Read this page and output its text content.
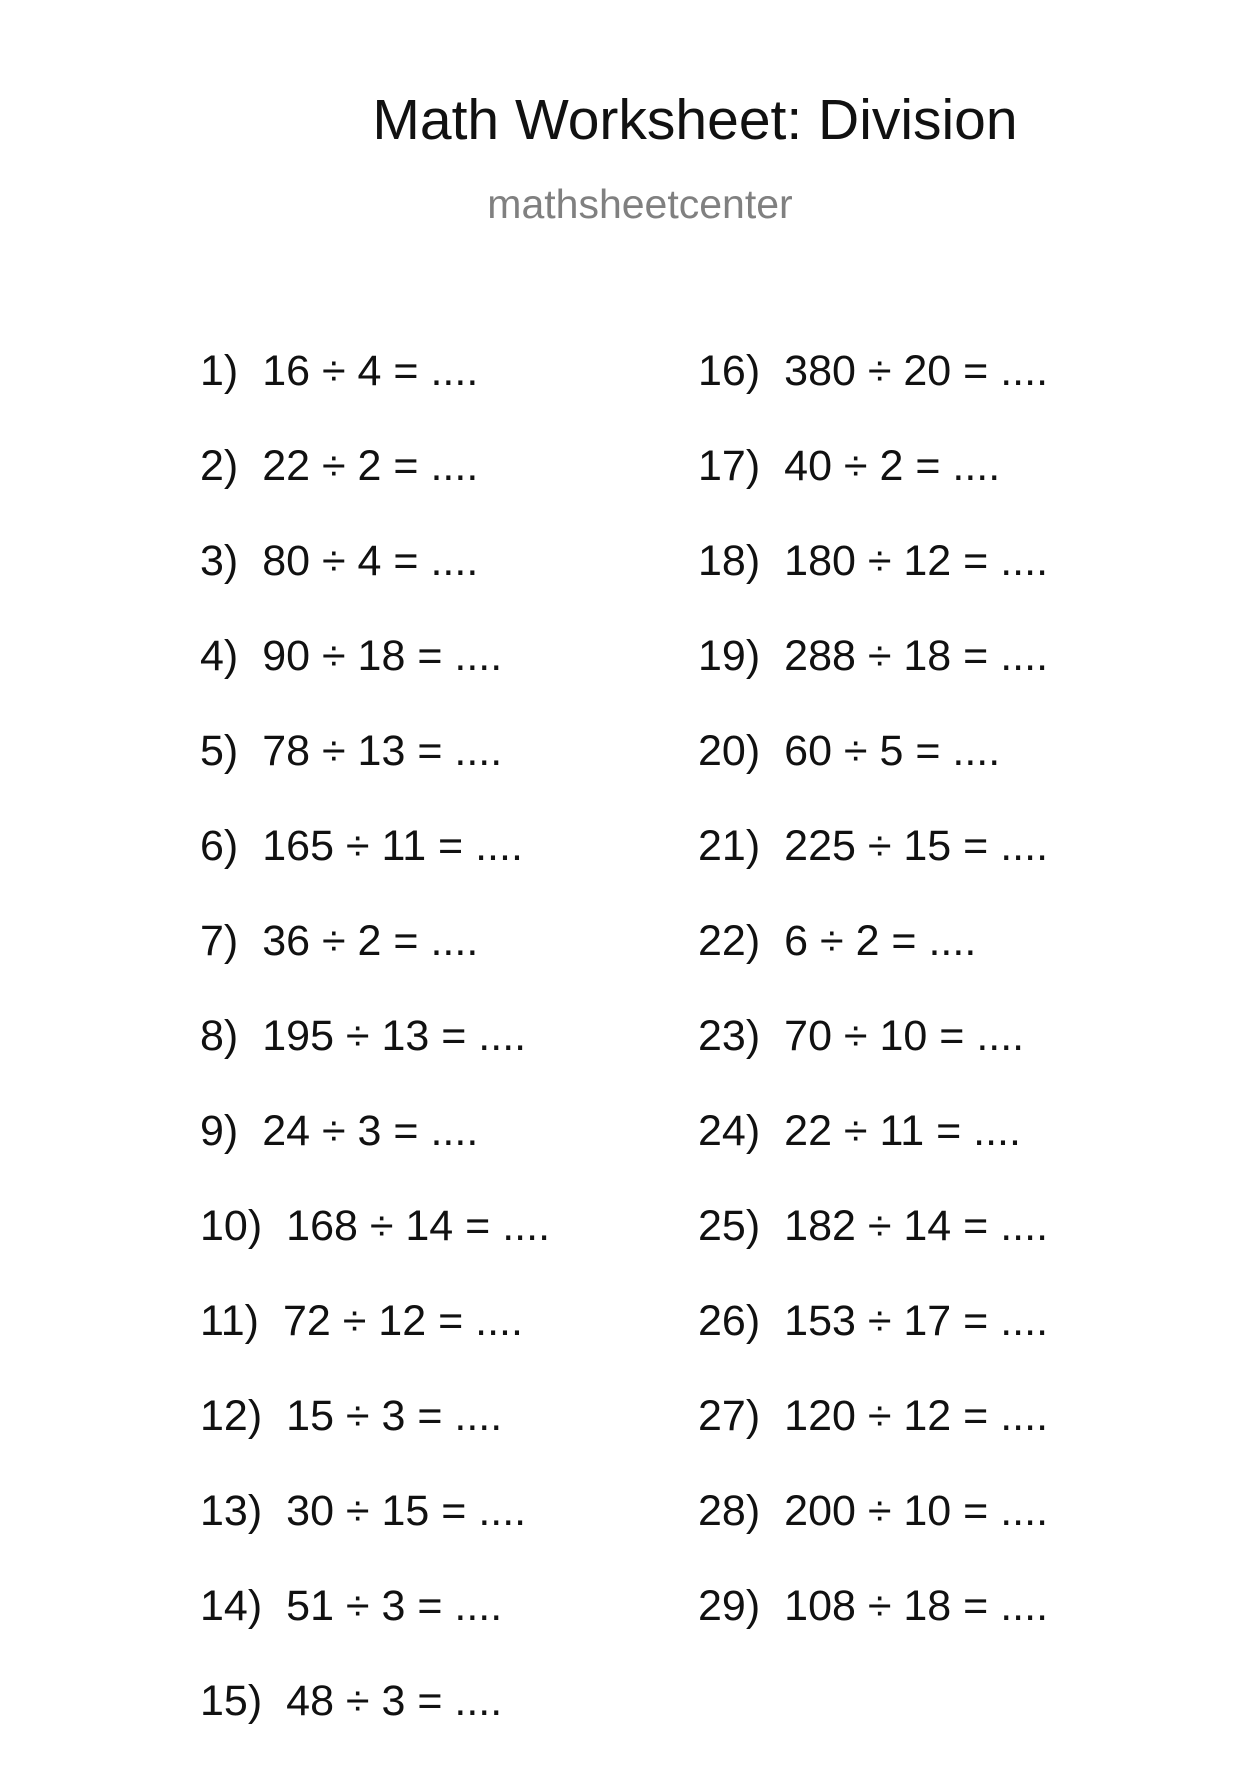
Math Worksheet: Division
mathsheetcenter
1) 16 ÷ 4 = ....
2) 22 ÷ 2 = ....
3) 80 ÷ 4 = ....
4) 90 ÷ 18 = ....
5) 78 ÷ 13 = ....
6) 165 ÷ 11 = ....
7) 36 ÷ 2 = ....
8) 195 ÷ 13 = ....
9) 24 ÷ 3 = ....
10) 168 ÷ 14 = ....
11) 72 ÷ 12 = ....
12) 15 ÷ 3 = ....
13) 30 ÷ 15 = ....
14) 51 ÷ 3 = ....
15) 48 ÷ 3 = ....
16) 380 ÷ 20 = ....
17) 40 ÷ 2 = ....
18) 180 ÷ 12 = ....
19) 288 ÷ 18 = ....
20) 60 ÷ 5 = ....
21) 225 ÷ 15 = ....
22) 6 ÷ 2 = ....
23) 70 ÷ 10 = ....
24) 22 ÷ 11 = ....
25) 182 ÷ 14 = ....
26) 153 ÷ 17 = ....
27) 120 ÷ 12 = ....
28) 200 ÷ 10 = ....
29) 108 ÷ 18 = ....
